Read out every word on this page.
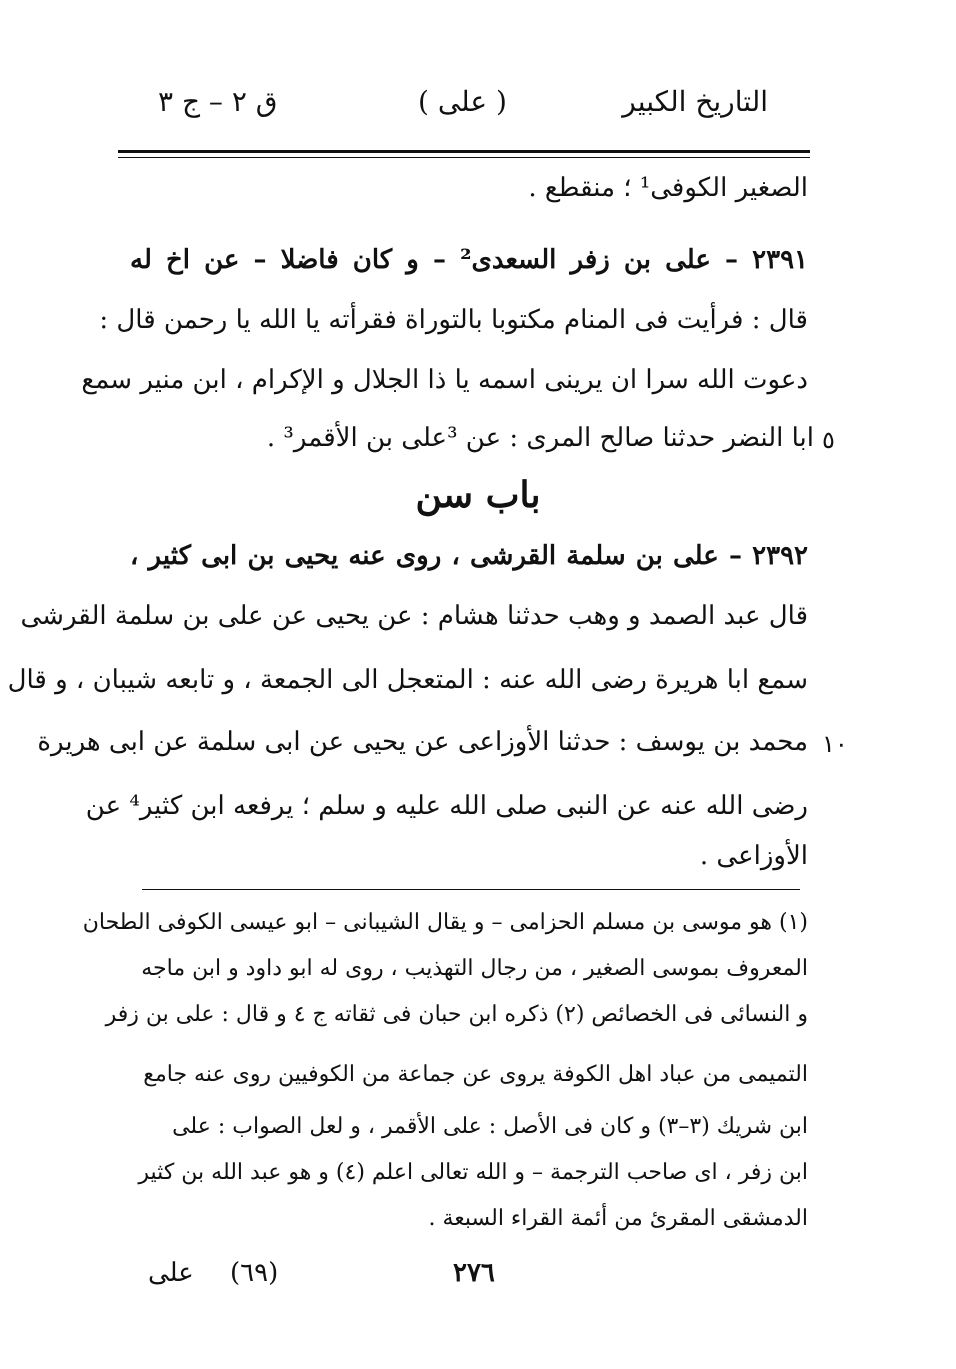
التاريخ الكبير
( على )
ق ٢ – ج ٣
الصغير الكوفى¹ ؛ منقطع .
٢٣٩١ – على بن زفر السعدى² – و كان فاضلا – عن اخ له
قال : فرأيت فى المنام مكتوبا بالتوراة فقرأته يا الله يا رحمن قال :
دعوت الله سرا ان يرينى اسمه يا ذا الجلال و الإكرام ، ابن منير سمع
ابا النضر حدثنا صالح المرى : عن ³على بن الأقمر³ . ٥
باب سن
٢٣٩٢ – على بن سلمة القرشى ، روى عنه يحيى بن ابى كثير ،
قال عبد الصمد و وهب حدثنا هشام : عن يحيى عن على بن سلمة القرشى
سمع ابا هريرة رضى الله عنه : المتعجل الى الجمعة ، و تابعه شيبان ، و قال
محمد بن يوسف : حدثنا الأوزاعى عن يحيى عن ابى سلمة عن ابى هريرة ١٠
رضى الله عنه عن النبى صلى الله عليه و سلم ؛ يرفعه ابن كثير⁴ عن
الأوزاعى .
(١) هو موسى بن مسلم الحزامى – و يقال الشيبانى – ابو عيسى الكوفى الطحان
المعروف بموسى الصغير ، من رجال التهذيب ، روى له ابو داود و ابن ماجه
و النسائى فى الخصائص (٢) ذكره ابن حبان فى ثقاته ج ٤ و قال : على بن زفر
التميمى من عباد اهل الكوفة يروى عن جماعة من الكوفيين روى عنه جامع
ابن شريك (٣–٣) و كان فى الأصل : على الأقمر ، و لعل الصواب : على
ابن زفر ، اى صاحب الترجمة – و الله تعالى اعلم (٤) و هو عبد الله بن كثير
الدمشقى المقرئ من أئمة القراء السبعة .
على (٦٩)	٢٧٦
